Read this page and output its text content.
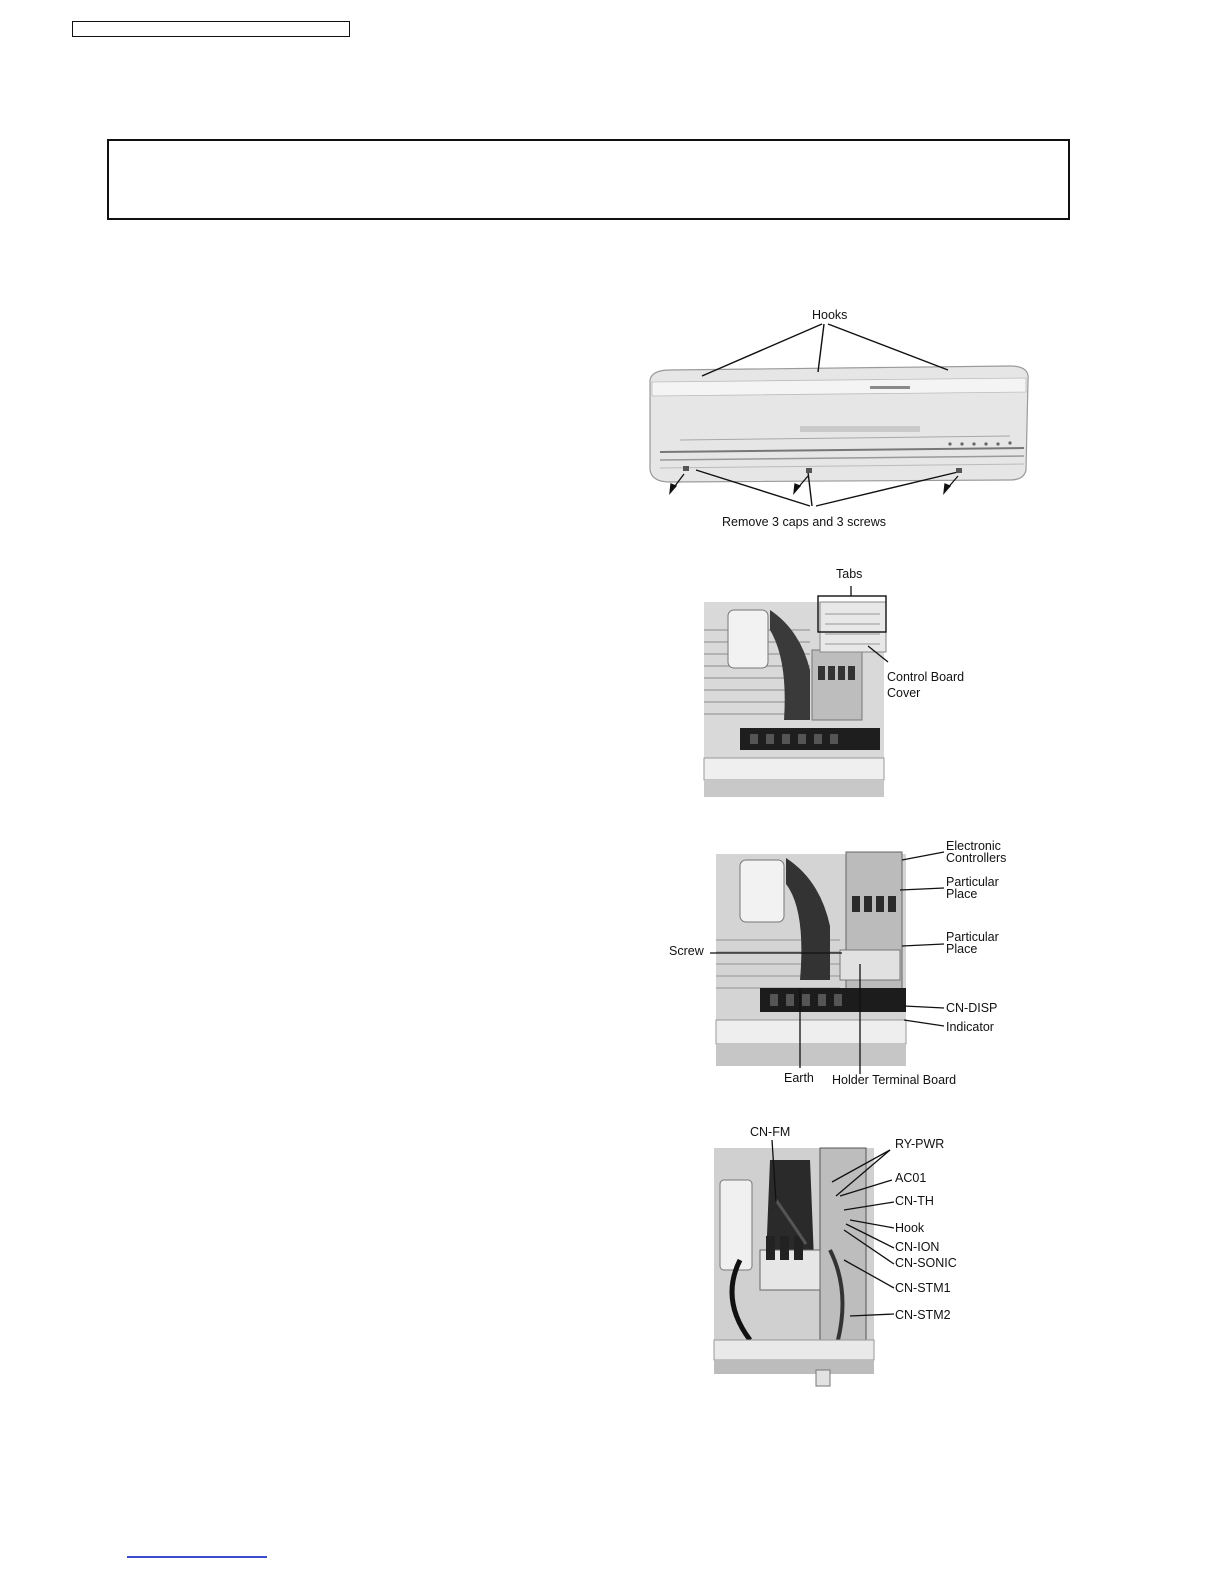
Hooks
Remove 3 caps and 3 screws
Tabs
Control Board Cover
Electronic Controllers
Particular Place
Particular Place
Screw
CN-DISP
Indicator
Earth Holder Terminal Board
CN-FM
RY-PWR
AC01
CN-TH
Hook
CN-ION
CN-SONIC
CN-STM1
CN-STM2
